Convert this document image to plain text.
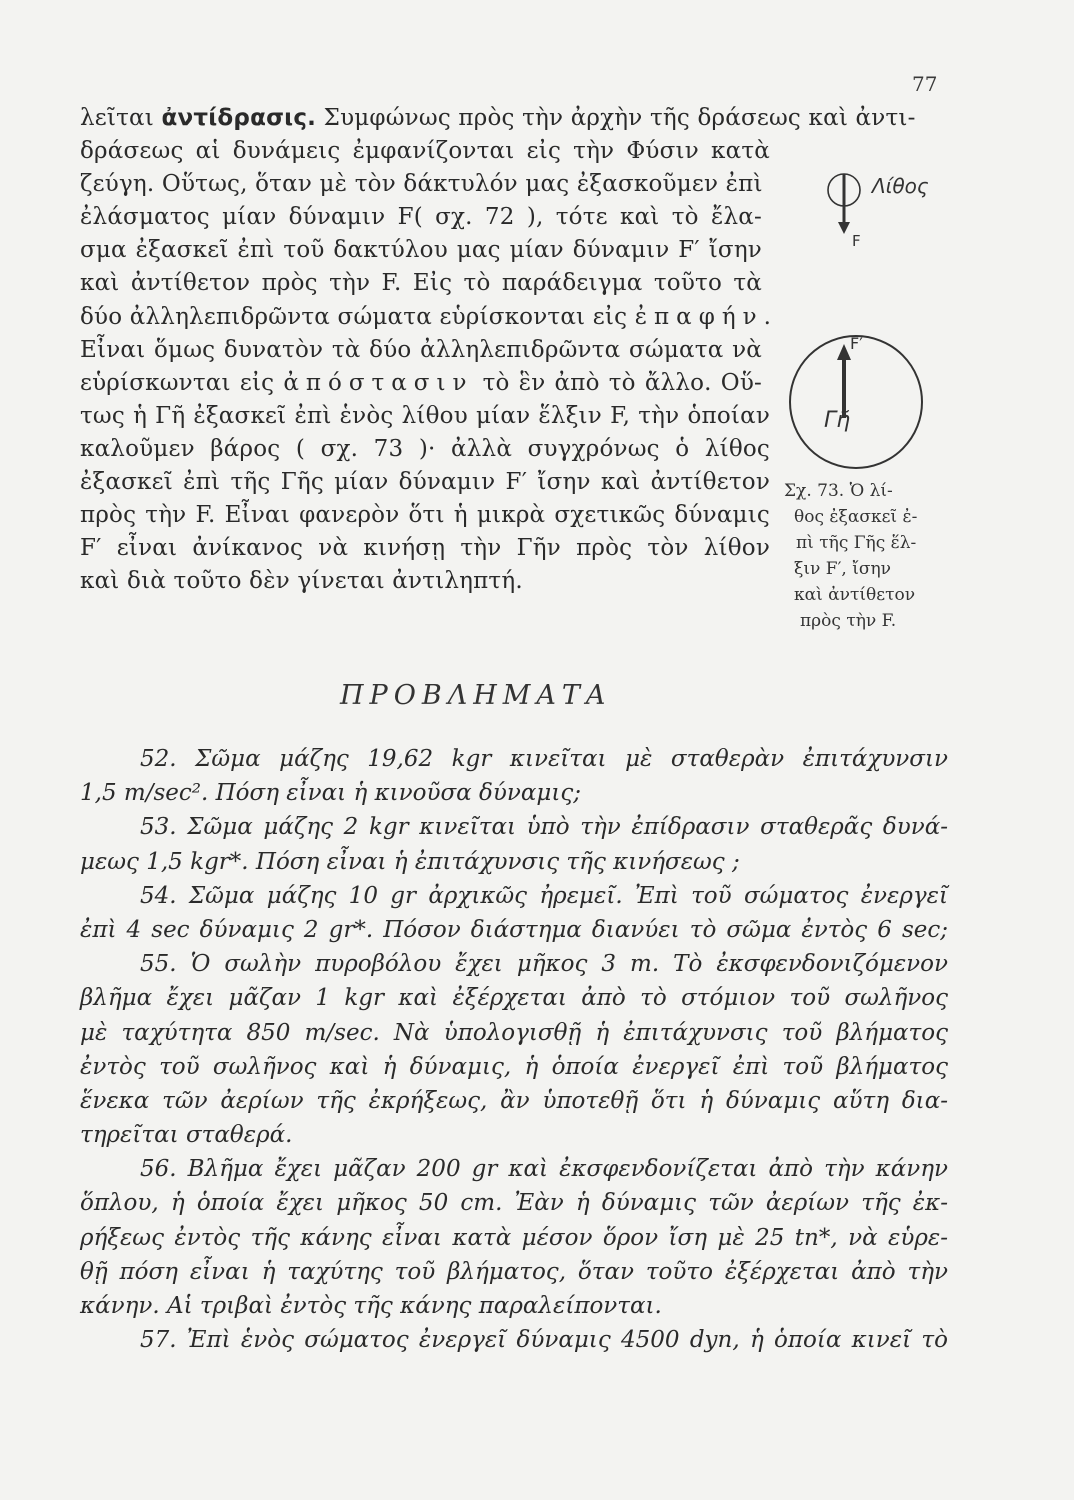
77
λεῖται ἀντίδρασις. Συμφώνως πρὸς τὴν ἀρχὴν τῆς δράσεως καὶ ἀντι-
δράσεως αἱ δυνάμεις ἐμφανίζονται εἰς τὴν Φύσιν κατὰ
ζεύγη. Οὕτως, ὅταν μὲ τὸν δάκτυλόν μας ἐξασκοῦμεν ἐπὶ
ἐλάσματος μίαν δύναμιν F( σχ. 72 ), τότε καὶ τὸ ἔλα-
σμα ἐξασκεῖ ἐπὶ τοῦ δακτύλου μας μίαν δύναμιν F′ ἴσην
καὶ ἀντίθετον πρὸς τὴν F. Εἰς τὸ παράδειγμα τοῦτο τὰ
δύο ἀλληλεπιδρῶντα σώματα εὑρίσκονται εἰς ἐπαφήν.
Εἶναι ὅμως δυνατὸν τὰ δύο ἀλληλεπιδρῶντα σώματα νὰ
εὑρίσκωνται εἰς ἀπόστασιν τὸ ἓν ἀπὸ τὸ ἄλλο. Οὕ-
τως ἡ Γῆ ἐξασκεῖ ἐπὶ ἑνὸς λίθου μίαν ἕλξιν F, τὴν ὁποίαν
καλοῦμεν βάρος ( σχ. 73 )· ἀλλὰ συγχρόνως ὁ λίθος
ἐξασκεῖ ἐπὶ τῆς Γῆς μίαν δύναμιν F′ ἴσην καὶ ἀντίθετον
πρὸς τὴν F. Εἶναι φανερὸν ὅτι ἡ μικρὰ σχετικῶς δύναμις
F′ εἶναι ἀνίκανος νὰ κινήσῃ τὴν Γῆν πρὸς τὸν λίθον
καὶ διὰ τοῦτο δὲν γίνεται ἀντιληπτή.
Λίθος
F
F′
Γῆ
Σχ. 73. Ὁ λί-
θος ἐξασκεῖ ἐ-
πὶ τῆς Γῆς ἕλ-
ξιν F′, ἴσην
καὶ ἀντίθετον
πρὸς τὴν F.
ΠΡΟΒΛΗΜΑΤΑ
52. Σῶμα μάζης 19,62 kgr κινεῖται μὲ σταθερὰν ἐπιτάχυνσιν
1,5 m/sec². Πόση εἶναι ἡ κινοῦσα δύναμις;
53. Σῶμα μάζης 2 kgr κινεῖται ὑπὸ τὴν ἐπίδρασιν σταθερᾶς δυνά-
μεως 1,5 kgr*. Πόση εἶναι ἡ ἐπιτάχυνσις τῆς κινήσεως ;
54. Σῶμα μάζης 10 gr ἀρχικῶς ἠρεμεῖ. Ἐπὶ τοῦ σώματος ἐνεργεῖ
ἐπὶ 4 sec δύναμις 2 gr*. Πόσον διάστημα διανύει τὸ σῶμα ἐντὸς 6 sec;
55. Ὁ σωλὴν πυροβόλου ἔχει μῆκος 3 m. Τὸ ἐκσφενδονιζόμενον
βλῆμα ἔχει μᾶζαν 1 kgr καὶ ἐξέρχεται ἀπὸ τὸ στόμιον τοῦ σωλῆνος
μὲ ταχύτητα 850 m/sec. Νὰ ὑπολογισθῇ ἡ ἐπιτάχυνσις τοῦ βλήματος
ἐντὸς τοῦ σωλῆνος καὶ ἡ δύναμις, ἡ ὁποία ἐνεργεῖ ἐπὶ τοῦ βλήματος
ἕνεκα τῶν ἀερίων τῆς ἐκρήξεως, ἂν ὑποτεθῇ ὅτι ἡ δύναμις αὕτη δια-
τηρεῖται σταθερά.
56. Βλῆμα ἔχει μᾶζαν 200 gr καὶ ἐκσφενδονίζεται ἀπὸ τὴν κάνην
ὅπλου, ἡ ὁποία ἔχει μῆκος 50 cm. Ἐὰν ἡ δύναμις τῶν ἀερίων τῆς ἐκ-
ρήξεως ἐντὸς τῆς κάνης εἶναι κατὰ μέσον ὅρον ἴση μὲ 25 tn*, νὰ εὑρε-
θῇ πόση εἶναι ἡ ταχύτης τοῦ βλήματος, ὅταν τοῦτο ἐξέρχεται ἀπὸ τὴν
κάνην. Αἱ τριβαὶ ἐντὸς τῆς κάνης παραλείπονται.
57. Ἐπὶ ἑνὸς σώματος ἐνεργεῖ δύναμις 4500 dyn, ἡ ὁποία κινεῖ τὸ
